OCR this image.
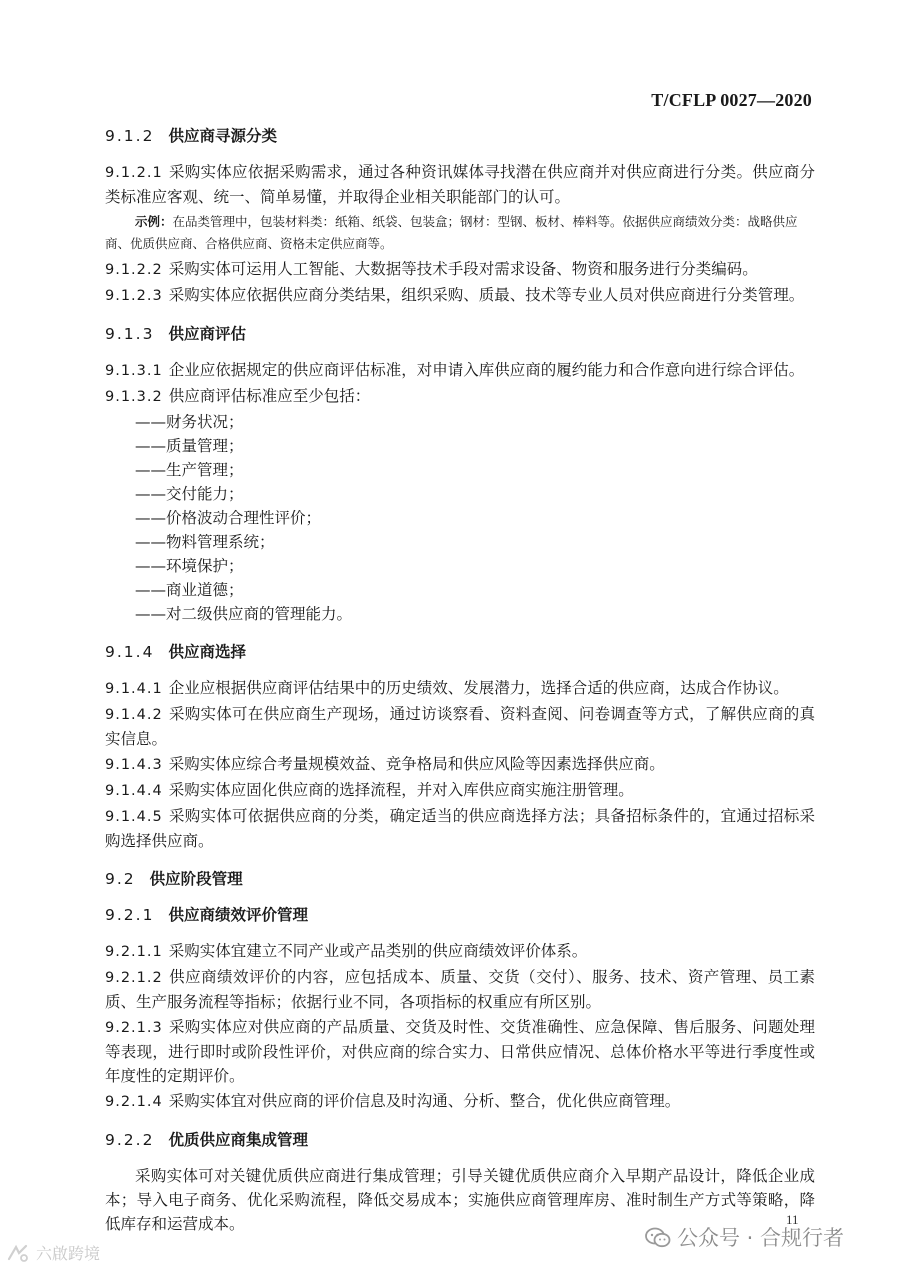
T/CFLP 0027—2020
9.1.2 供应商寻源分类
9.1.2.1 采购实体应依据采购需求，通过各种资讯媒体寻找潜在供应商并对供应商进行分类。供应商分类标准应客观、统一、简单易懂，并取得企业相关职能部门的认可。
示例：在品类管理中，包装材料类：纸箱、纸袋、包装盒；钢材：型钢、板材、棒料等。依据供应商绩效分类：战略供应商、优质供应商、合格供应商、资格未定供应商等。
9.1.2.2 采购实体可运用人工智能、大数据等技术手段对需求设备、物资和服务进行分类编码。
9.1.2.3 采购实体应依据供应商分类结果，组织采购、质最、技术等专业人员对供应商进行分类管理。
9.1.3 供应商评估
9.1.3.1 企业应依据规定的供应商评估标准，对申请入库供应商的履约能力和合作意向进行综合评估。
9.1.3.2 供应商评估标准应至少包括：
——财务状况；
——质量管理；
——生产管理；
——交付能力；
——价格波动合理性评价；
——物料管理系统；
——环境保护；
——商业道德；
——对二级供应商的管理能力。
9.1.4 供应商选择
9.1.4.1 企业应根据供应商评估结果中的历史绩效、发展潜力，选择合适的供应商，达成合作协议。
9.1.4.2 采购实体可在供应商生产现场，通过访谈察看、资料查阅、问卷调查等方式，了解供应商的真实信息。
9.1.4.3 采购实体应综合考量规模效益、竞争格局和供应风险等因素选择供应商。
9.1.4.4 采购实体应固化供应商的选择流程，并对入库供应商实施注册管理。
9.1.4.5 采购实体可依据供应商的分类，确定适当的供应商选择方法；具备招标条件的，宜通过招标采购选择供应商。
9.2 供应阶段管理
9.2.1 供应商绩效评价管理
9.2.1.1 采购实体宜建立不同产业或产品类别的供应商绩效评价体系。
9.2.1.2 供应商绩效评价的内容，应包括成本、质量、交货（交付）、服务、技术、资产管理、员工素质、生产服务流程等指标；依据行业不同，各项指标的权重应有所区别。
9.2.1.3 采购实体应对供应商的产品质量、交货及时性、交货准确性、应急保障、售后服务、问题处理等表现，进行即时或阶段性评价，对供应商的综合实力、日常供应情况、总体价格水平等进行季度性或年度性的定期评价。
9.2.1.4 采购实体宜对供应商的评价信息及时沟通、分析、整合，优化供应商管理。
9.2.2 优质供应商集成管理
采购实体可对关键优质供应商进行集成管理；引导关键优质供应商介入早期产品设计，降低企业成本；导入电子商务、优化采购流程，降低交易成本；实施供应商管理库房、准时制生产方式等策略，降低库存和运营成本。	11
公众号 · 合规行者
六啟跨境
